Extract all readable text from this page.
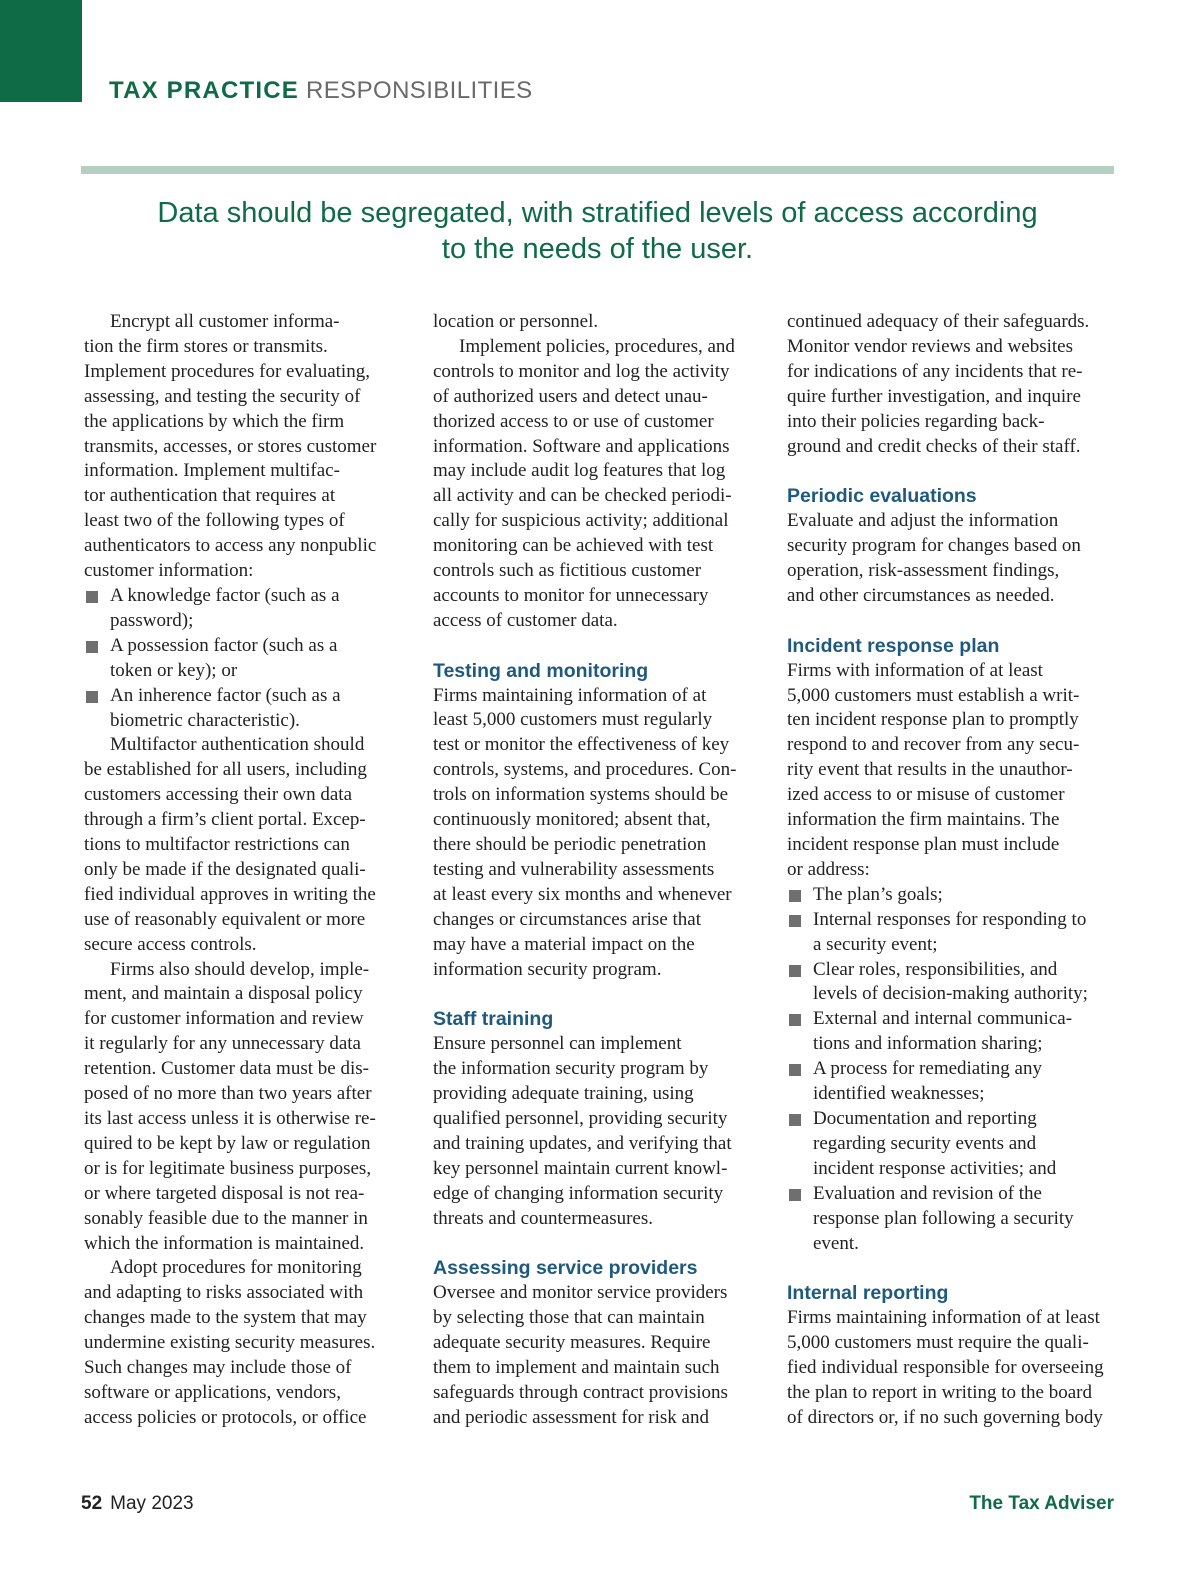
TAX PRACTICE RESPONSIBILITIES
Data should be segregated, with stratified levels of access according
to the needs of the user.
Encrypt all customer informa-
tion the firm stores or transmits.
Implement procedures for evaluating,
assessing, and testing the security of
the applications by which the firm
transmits, accesses, or stores customer
information. Implement multifac-
tor authentication that requires at
least two of the following types of
authenticators to access any nonpublic
customer information:
A knowledge factor (such as a
password);
A possession factor (such as a
token or key); or
An inherence factor (such as a
biometric characteristic).
Multifactor authentication should
be established for all users, including
customers accessing their own data
through a firm’s client portal. Excep-
tions to multifactor restrictions can
only be made if the designated quali-
fied individual approves in writing the
use of reasonably equivalent or more
secure access controls.
Firms also should develop, imple-
ment, and maintain a disposal policy
for customer information and review
it regularly for any unnecessary data
retention. Customer data must be dis-
posed of no more than two years after
its last access unless it is otherwise re-
quired to be kept by law or regulation
or is for legitimate business purposes,
or where targeted disposal is not rea-
sonably feasible due to the manner in
which the information is maintained.
Adopt procedures for monitoring
and adapting to risks associated with
changes made to the system that may
undermine existing security measures.
Such changes may include those of
software or applications, vendors,
access policies or protocols, or office
location or personnel.
Implement policies, procedures, and
controls to monitor and log the activity
of authorized users and detect unau-
thorized access to or use of customer
information. Software and applications
may include audit log features that log
all activity and can be checked periodi-
cally for suspicious activity; additional
monitoring can be achieved with test
controls such as fictitious customer
accounts to monitor for unnecessary
access of customer data.
Testing and monitoring
Firms maintaining information of at
least 5,000 customers must regularly
test or monitor the effectiveness of key
controls, systems, and procedures. Con-
trols on information systems should be
continuously monitored; absent that,
there should be periodic penetration
testing and vulnerability assessments
at least every six months and whenever
changes or circumstances arise that
may have a material impact on the
information security program.
Staff training
Ensure personnel can implement
the information security program by
providing adequate training, using
qualified personnel, providing security
and training updates, and verifying that
key personnel maintain current knowl-
edge of changing information security
threats and countermeasures.
Assessing service providers
Oversee and monitor service providers
by selecting those that can maintain
adequate security measures. Require
them to implement and maintain such
safeguards through contract provisions
and periodic assessment for risk and
continued adequacy of their safeguards.
Monitor vendor reviews and websites
for indications of any incidents that re-
quire further investigation, and inquire
into their policies regarding back-
ground and credit checks of their staff.
Periodic evaluations
Evaluate and adjust the information
security program for changes based on
operation, risk-assessment findings,
and other circumstances as needed.
Incident response plan
Firms with information of at least
5,000 customers must establish a writ-
ten incident response plan to promptly
respond to and recover from any secu-
rity event that results in the unauthor-
ized access to or misuse of customer
information the firm maintains. The
incident response plan must include
or address:
The plan’s goals;
Internal responses for responding to
a security event;
Clear roles, responsibilities, and
levels of decision-making authority;
External and internal communica-
tions and information sharing;
A process for remediating any
identified weaknesses;
Documentation and reporting
regarding security events and
incident response activities; and
Evaluation and revision of the
response plan following a security
event.
Internal reporting
Firms maintaining information of at least
5,000 customers must require the quali-
fied individual responsible for overseeing
the plan to report in writing to the board
of directors or, if no such governing body
52 May 2023	The Tax Adviser
